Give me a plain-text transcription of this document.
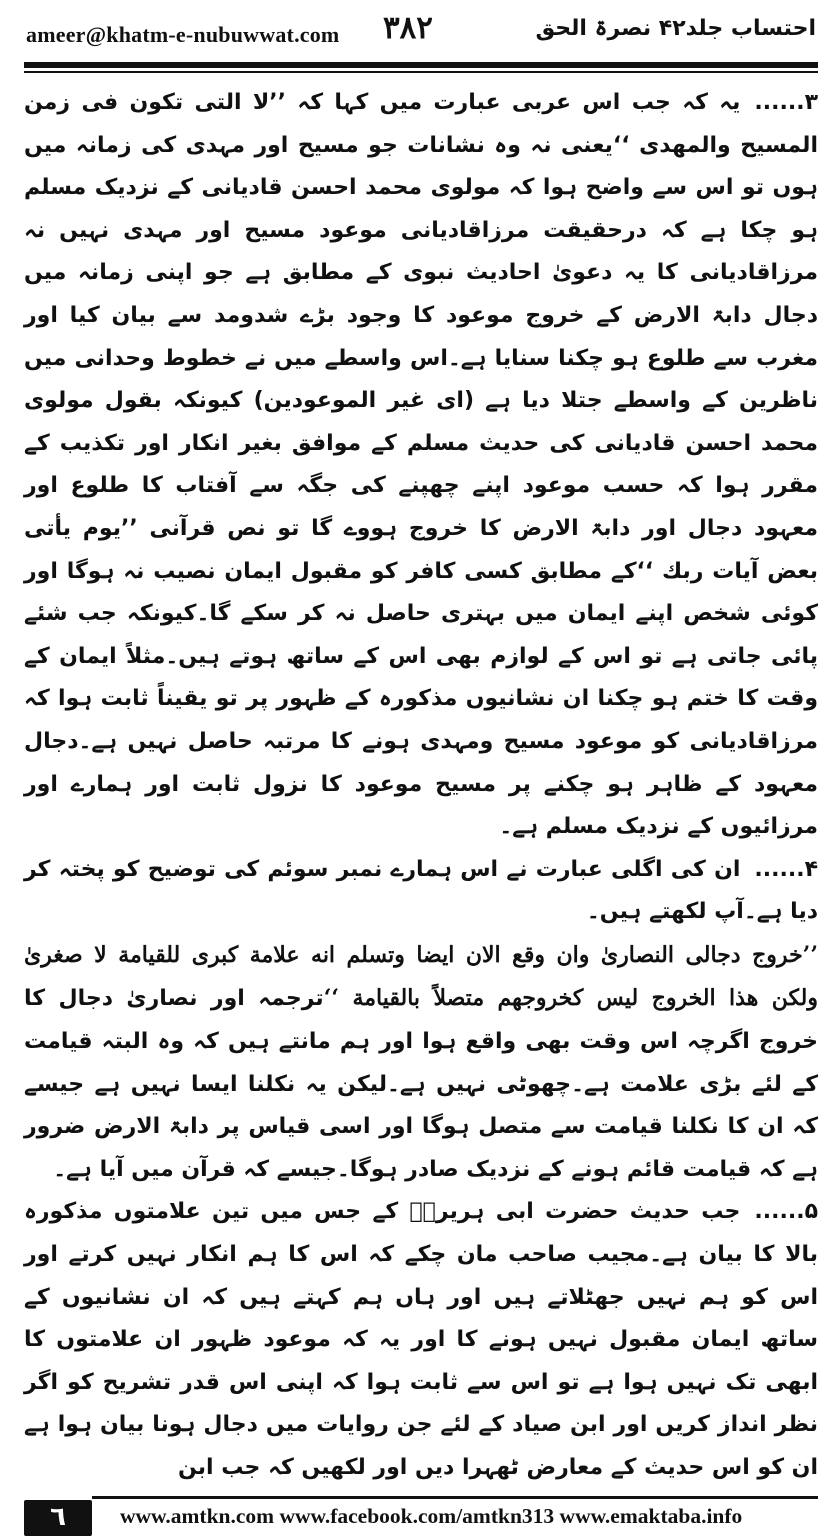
ameer@khatm-e-nubuwwat.com ۳۸۲	احتساب جلد۴۲ نصرۃ الحق

۳......یہ کہ جب اس عربی عبارت میں کہا کہ ’’لا التی تکون فی زمن المسیح والمھدی ‘‘یعنی نہ وہ نشانات جو مسیح اور مہدی کی زمانہ میں ہوں تو اس سے واضح ہوا کہ مولوی محمد احسن قادیانی کے نزدیک مسلم ہو چکا ہے کہ درحقیقت مرزاقادیانی موعود مسیح اور مہدی نہیں نہ مرزاقادیانی کا یہ دعویٰ احادیث نبوی کے مطابق ہے جو اپنی زمانہ میں دجال دابۃ الارض کے خروج موعود کا وجود بڑے شدومد سے بیان کیا اور مغرب سے طلوع ہو چکنا سنایا ہے۔اس واسطے میں نے خطوط وحدانی میں ناظرین کے واسطے جتلا دیا ہے (ای غیر الموعودین) کیونکہ بقول مولوی محمد احسن قادیانی کی حدیث مسلم کے موافق بغیر انکار اور تکذیب کے مقرر ہوا کہ حسب موعود اپنے چھپنے کی جگہ سے آفتاب کا طلوع اور معہود دجال اور دابۃ الارض کا خروج ہووے گا تو نص قرآنی ’’یوم یأتی بعض آیات ربك ‘‘کے مطابق کسی کافر کو مقبول ایمان نصیب نہ ہوگا اور کوئی شخص اپنے ایمان میں بہتری حاصل نہ کر سکے گا۔کیونکہ جب شئے پائی جاتی ہے تو اس کے لوازم بھی اس کے ساتھ ہوتے ہیں۔مثلاً ایمان کے وقت کا ختم ہو چکنا ان نشانیوں مذکورہ کے ظہور پر تو یقیناً ثابت ہوا کہ مرزاقادیانی کو موعود مسیح ومہدی ہونے کا مرتبہ حاصل نہیں ہے۔دجال معہود کے ظاہر ہو چکنے پر مسیح موعود کا نزول ثابت اور ہمارے اور مرزائیوں کے نزدیک مسلم ہے۔

۴......ان کی اگلی عبارت نے اس ہمارے نمبر سوئم کی توضیح کو پختہ کر دیا ہے۔آپ لکھتے ہیں۔

’’خروج دجالی النصاریٰ وان وقع الان ایضا وتسلم انه علامة کبری للقیامة لا صغریٰ ولکن ھذا الخروج لیس کخروجھم متصلاً بالقیامة ‘‘ترجمہ اور نصاریٰ دجال کا خروج اگرچہ اس وقت بھی واقع ہوا اور ہم مانتے ہیں کہ وہ البتہ قیامت کے لئے بڑی علامت ہے۔چھوٹی نہیں ہے۔لیکن یہ نکلنا ایسا نہیں ہے جیسے کہ ان کا نکلنا قیامت سے متصل ہوگا اور اسی قیاس پر دابۃ الارض ضرور ہے کہ قیامت قائم ہونے کے نزدیک صادر ہوگا۔جیسے کہ قرآن میں آیا ہے۔

۵......جب حدیث حضرت ابی ہریرہؓ کے جس میں تین علامتوں مذکورہ بالا کا بیان ہے۔مجیب صاحب مان چکے کہ اس کا ہم انکار نہیں کرتے اور اس کو ہم نہیں جھٹلاتے ہیں اور ہاں ہم کہتے ہیں کہ ان نشانیوں کے ساتھ ایمان مقبول نہیں ہونے کا اور یہ کہ موعود ظہور ان علامتوں کا ابھی تک نہیں ہوا ہے تو اس سے ثابت ہوا کہ اپنی اس قدر تشریح کو اگر نظر انداز کریں اور ابن صیاد کے لئے جن روایات میں دجال ہونا بیان ہوا ہے ان کو اس حدیث کے معارض ٹھہرا دیں اور لکھیں کہ جب ابن

٦	www.amtkn.com www.facebook.com/amtkn313 www.emaktaba.info
